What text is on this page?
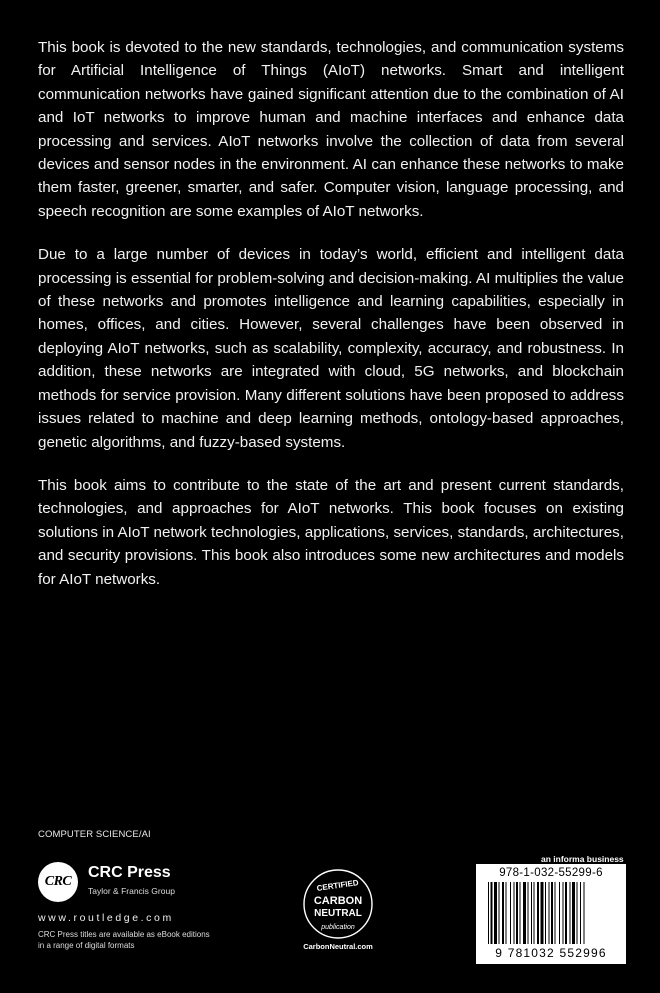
This book is devoted to the new standards, technologies, and communication systems for Artificial Intelligence of Things (AIoT) networks. Smart and intelligent communication networks have gained significant attention due to the combination of AI and IoT networks to improve human and machine interfaces and enhance data processing and services. AIoT networks involve the collection of data from several devices and sensor nodes in the environment. AI can enhance these networks to make them faster, greener, smarter, and safer. Computer vision, language processing, and speech recognition are some examples of AIoT networks.

Due to a large number of devices in today’s world, efficient and intelligent data processing is essential for problem-solving and decision-making. AI multiplies the value of these networks and promotes intelligence and learning capabilities, especially in homes, offices, and cities. However, several challenges have been observed in deploying AIoT networks, such as scalability, complexity, accuracy, and robustness. In addition, these networks are integrated with cloud, 5G networks, and blockchain methods for service provision. Many different solutions have been proposed to address issues related to machine and deep learning methods, ontology-based approaches, genetic algorithms, and fuzzy-based systems.

This book aims to contribute to the state of the art and present current standards, technologies, and approaches for AIoT networks. This book focuses on existing solutions in AIoT network technologies, applications, services, standards, architectures, and security provisions. This book also introduces some new architectures and models for AIoT networks.

COMPUTER SCIENCE/AI
CRC
CRC Press
Taylor & Francis Group
www.routledge.com
CRC Press titles are available as eBook editions
in a range of digital formats
CERTIFIED
CARBON
NEUTRAL
publication
CarbonNeutral.com
an informa business
978-1-032-55299-6
9 781032 552996
